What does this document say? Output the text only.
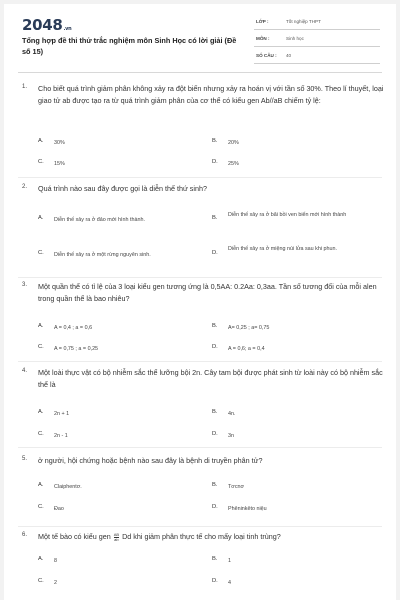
2048.vn
Tổng hợp đề thi thử trắc nghiệm môn Sinh Học có lời giải (Đề số 15)
LỚP :	Tốt nghiệp THPT
MÔN :	Sinh học
SỐ CÂU : 40
1. Cho biết quá trình giảm phân không xảy ra đột biến nhưng xảy ra hoán vị với tần số 30%. Theo lí thuyết, loại giao tử ab được tạo ra từ quá trình giảm phân của cơ thể có kiểu gen Ab//aB chiếm tỷ lệ:
A. 30%	B. 20%
C. 15%	D. 25%
2. Quá trình nào sau đây được gọi là diễn thế thứ sinh?
A. Diễn thế xảy ra ở đảo mới hình thành.	B. Diễn thế xảy ra ở bãi bồi ven biển mới hình thành
C. Diễn thế xảy ra ở một rừng nguyên sinh.	D.
Diễn thế xảy ra ở miệng núi lửa sau khi phun.
3. Một quần thể có tỉ lệ của 3 loại kiểu gen tương ứng là 0,5AA: 0.2Aa: 0,3aa. Tần số tương đối của mỗi alen trong quần thể là bao nhiêu?
A. A = 0,4 ; a = 0,6	B. A= 0,25 ; a= 0,75
C. A = 0,75 ; a = 0,25	D. A = 0,6; a = 0,4
4. Một loài thực vật có bộ nhiễm sắc thể lưỡng bội 2n. Cây tam bội được phát sinh từ loài này có bộ nhiễm sắc thể là
A. 2n + 1	B. 4n.
C. 2n - 1	D. 3n
5. ở người, hội chứng hoặc bệnh nào sau đây là bệnh di truyền phân tử?
A. Claiphentơ.	B. Tơcnơ
C. Đao	D. Phêninkêto niệu
6. Một tế bào có kiểu gen $\frac{AB}{ab}$ Dd khi giảm phân thực tế cho mấy loại tinh trùng?
A. 8	B. 1
C. 2	D. 4
